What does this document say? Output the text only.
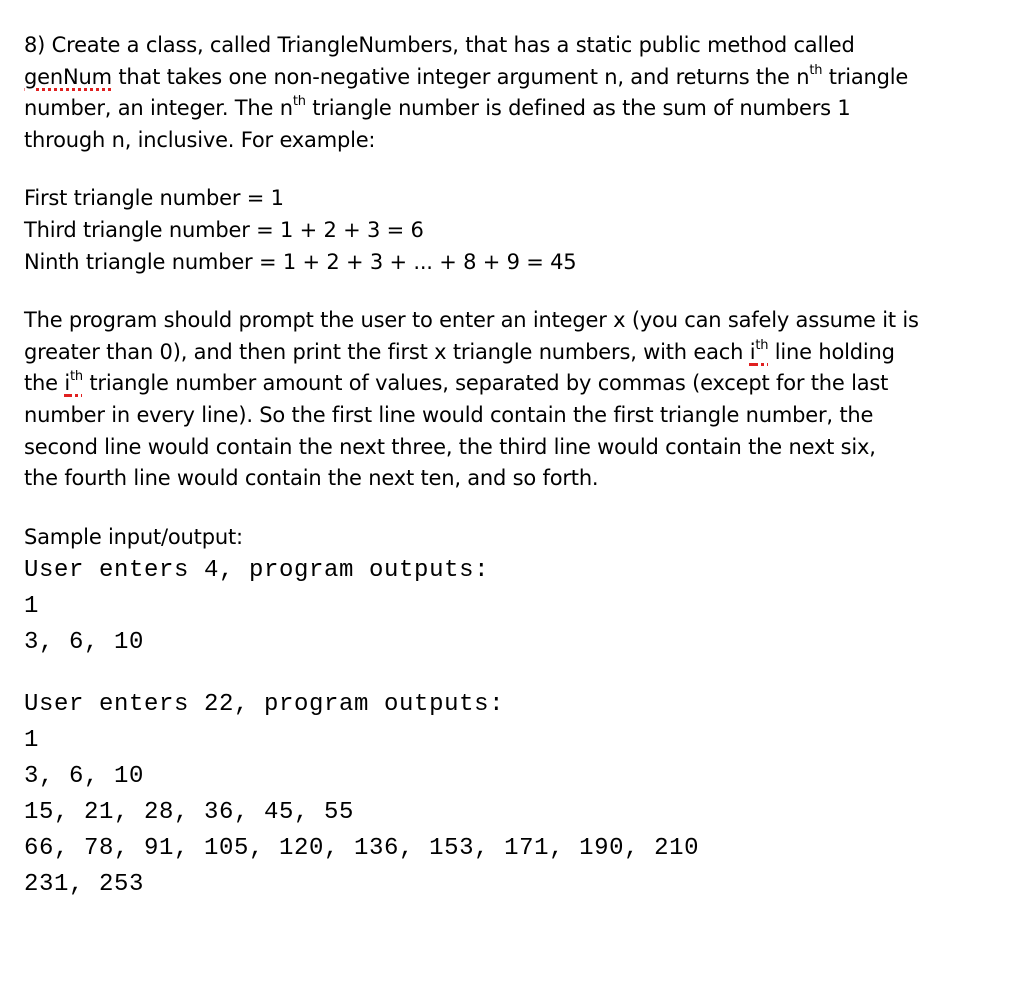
8) Create a class, called TriangleNumbers, that has a static public method called
genNum that takes one non-negative integer argument n, and returns the $n^{th}$ triangle
number, an integer. The $n^{th}$ triangle number is defined as the sum of numbers 1
through n, inclusive. For example:
First triangle number = 1
Third triangle number = 1 + 2 + 3 = 6
Ninth triangle number = 1 + 2 + 3 + ... + 8 + 9 = 45
The program should prompt the user to enter an integer x (you can safely assume it is
greater than 0), and then print the first x triangle numbers, with each $i^{th}$ line holding
the $i^{th}$ triangle number amount of values, separated by commas (except for the last
number in every line). So the first line would contain the first triangle number, the
second line would contain the next three, the third line would contain the next six,
the fourth line would contain the next ten, and so forth.
Sample input/output:
User enters 4, program outputs:
1
3, 6, 10
User enters 22, program outputs:
1
3, 6, 10
15, 21, 28, 36, 45, 55
66, 78, 91, 105, 120, 136, 153, 171, 190, 210
231, 253
